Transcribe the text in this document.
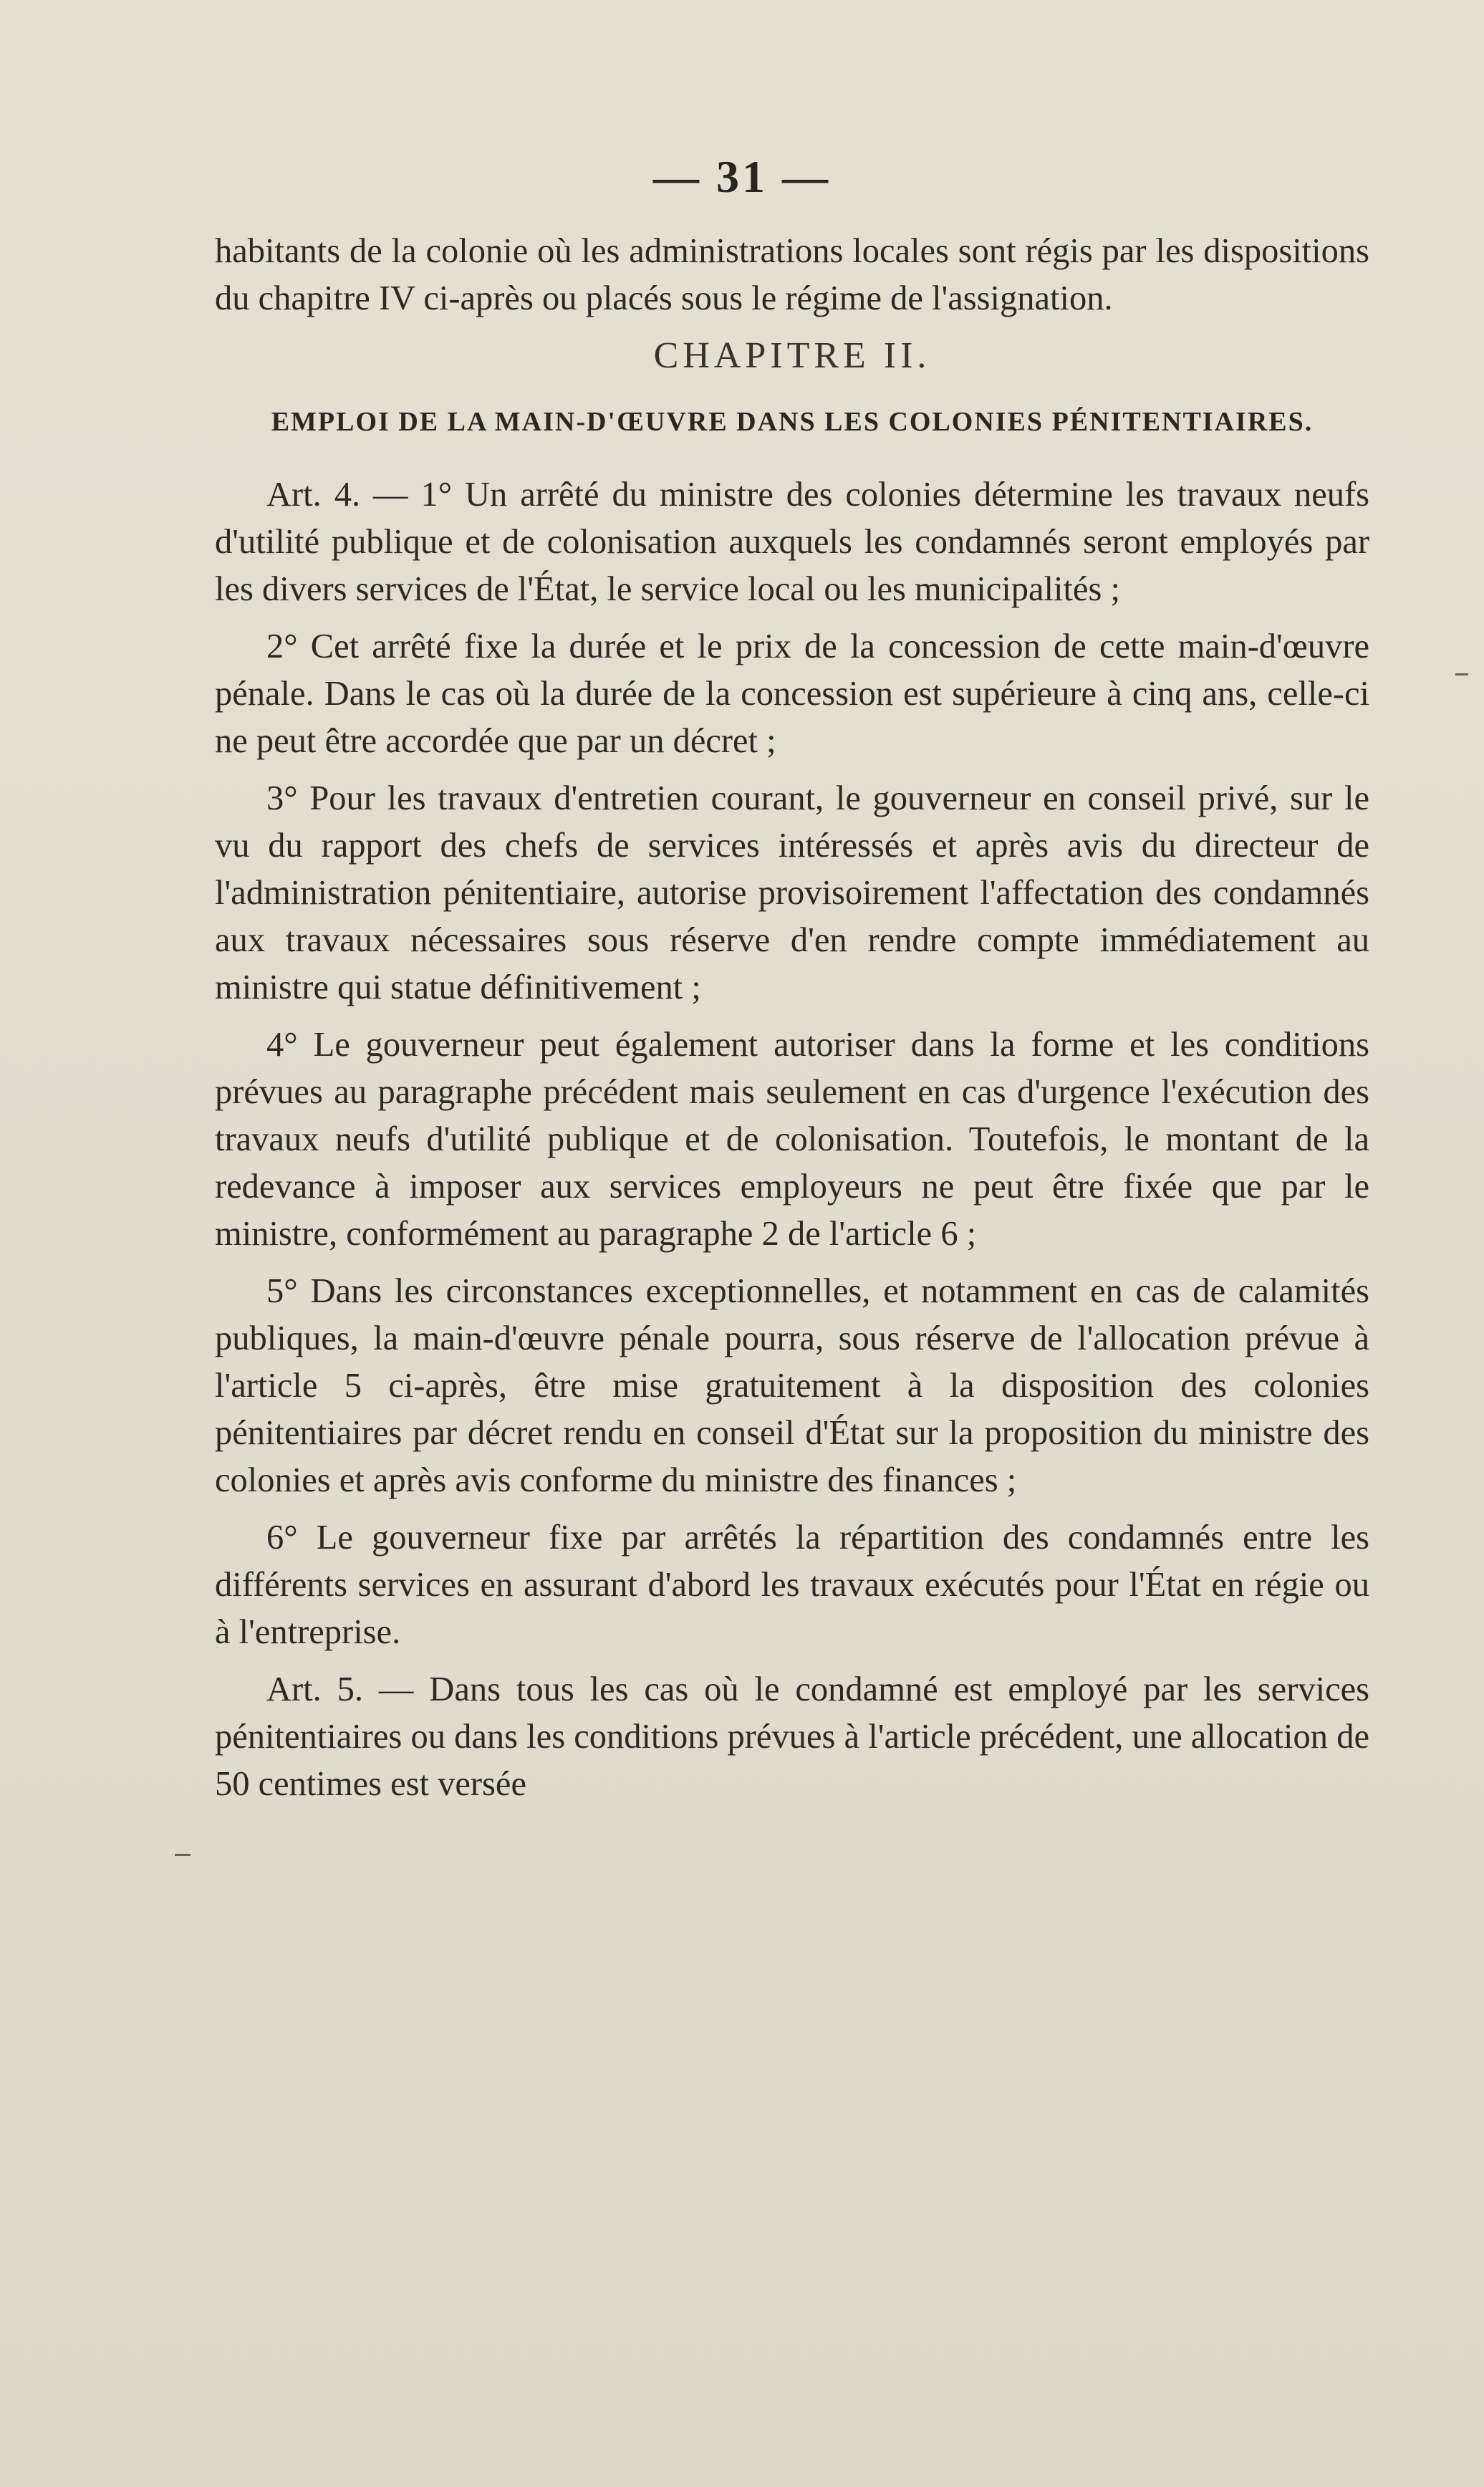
— 31 —

habitants de la colonie où les administrations locales sont régis par les dispositions du chapitre IV ci-après ou placés sous le régime de l'assignation.

CHAPITRE II.

EMPLOI DE LA MAIN-D'ŒUVRE DANS LES COLONIES PÉNITENTIAIRES.

Art. 4. — 1° Un arrêté du ministre des colonies détermine les travaux neufs d'utilité publique et de colonisation auxquels les condamnés seront employés par les divers services de l'État, le service local ou les municipalités ;

2° Cet arrêté fixe la durée et le prix de la concession de cette main-d'œuvre pénale. Dans le cas où la durée de la concession est supérieure à cinq ans, celle-ci ne peut être accordée que par un décret ;

3° Pour les travaux d'entretien courant, le gouverneur en conseil privé, sur le vu du rapport des chefs de services intéressés et après avis du directeur de l'administration pénitentiaire, autorise provisoirement l'affectation des condamnés aux travaux nécessaires sous réserve d'en rendre compte immédiatement au ministre qui statue définitivement ;

4° Le gouverneur peut également autoriser dans la forme et les conditions prévues au paragraphe précédent mais seulement en cas d'urgence l'exécution des travaux neufs d'utilité publique et de colonisation. Toutefois, le montant de la redevance à imposer aux services employeurs ne peut être fixée que par le ministre, conformément au paragraphe 2 de l'article 6 ;

5° Dans les circonstances exceptionnelles, et notamment en cas de calamités publiques, la main-d'œuvre pénale pourra, sous réserve de l'allocation prévue à l'article 5 ci-après, être mise gratuitement à la disposition des colonies pénitentiaires par décret rendu en conseil d'État sur la proposition du ministre des colonies et après avis conforme du ministre des finances ;

6° Le gouverneur fixe par arrêtés la répartition des condamnés entre les différents services en assurant d'abord les travaux exécutés pour l'État en régie ou à l'entreprise.

Art. 5. — Dans tous les cas où le condamné est employé par les services pénitentiaires ou dans les conditions prévues à l'article précédent, une allocation de 50 centimes est versée
